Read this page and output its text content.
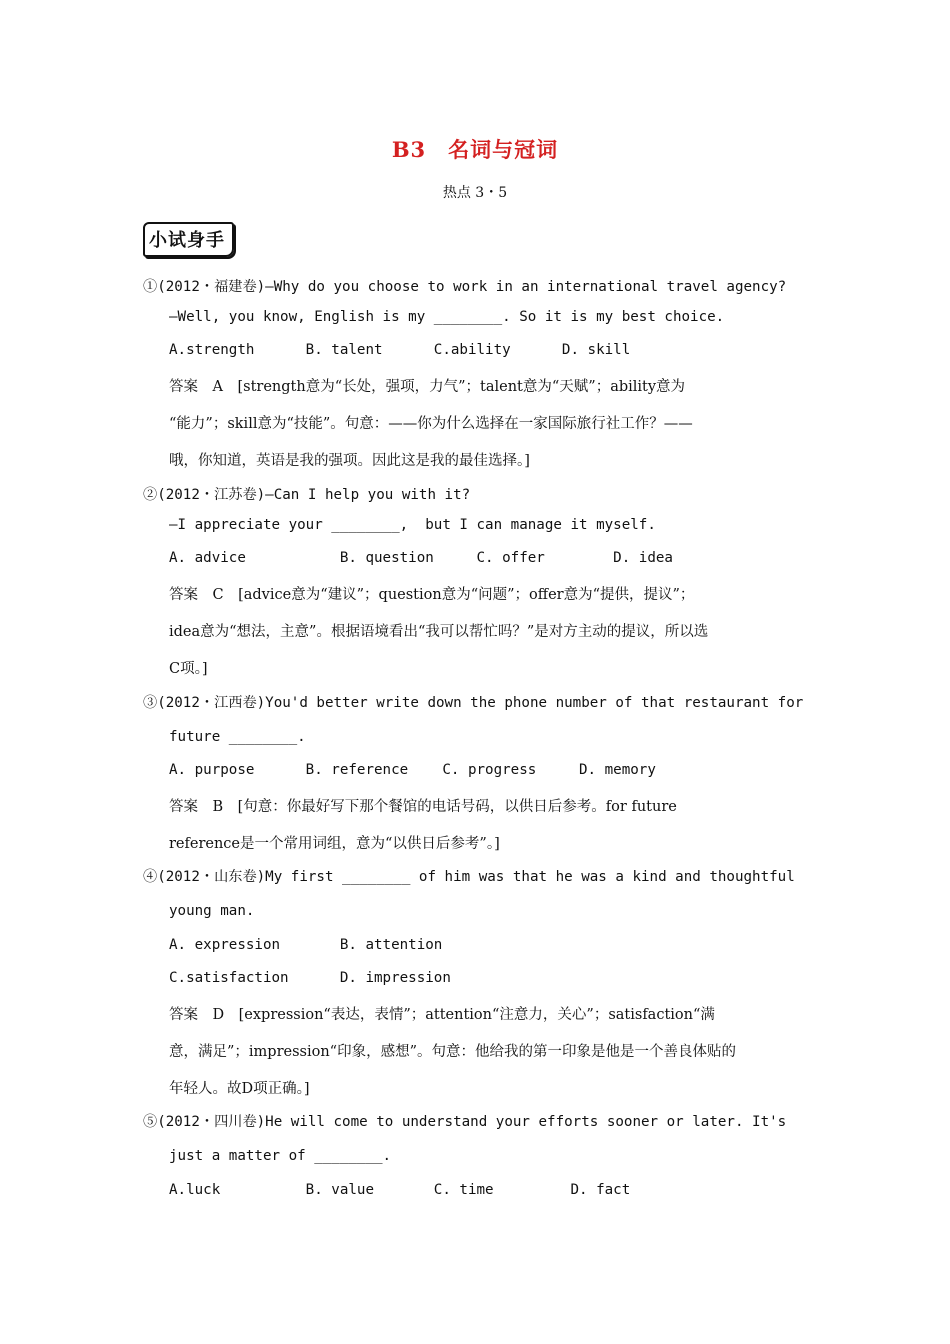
B3　名词与冠词
热点 3・5
小试身手
①(2012・福建卷)—Why do you choose to work in an international travel agency?
—Well, you know, English is my ________. So it is my best choice.
A.strength      B. talent      C.ability      D. skill
答案　A　[strength意为“长处，强项，力气”；talent意为“天赋”；ability意为
“能力”；skill意为“技能”。句意：——你为什么选择在一家国际旅行社工作？——
哦，你知道，英语是我的强项。因此这是我的最佳选择。]
②(2012・江苏卷)—Can I help you with it?
—I appreciate your ________,  but I can manage it myself.
A. advice           B. question     C. offer        D. idea
答案　C　[advice意为“建议”；question意为“问题”；offer意为“提供，提议”；
idea意为“想法，主意”。根据语境看出“我可以帮忙吗？”是对方主动的提议，所以选
C项。]
③(2012・江西卷)You'd better write down the phone number of that restaurant for
future ________.
A. purpose      B. reference    C. progress     D. memory
答案　B　[句意：你最好写下那个餐馆的电话号码，以供日后参考。for future
reference是一个常用词组，意为“以供日后参考”。]
④(2012・山东卷)My first ________ of him was that he was a kind and thoughtful
young man.
A. expression       B. attention
C.satisfaction      D. impression
答案　D　[expression“表达，表情”；attention“注意力，关心”；satisfaction“满
意，满足”；impression“印象，感想”。句意：他给我的第一印象是他是一个善良体贴的
年轻人。故D项正确。]
⑤(2012・四川卷)He will come to understand your efforts sooner or later. It's
just a matter of ________.
A.luck          B. value       C. time         D. fact
